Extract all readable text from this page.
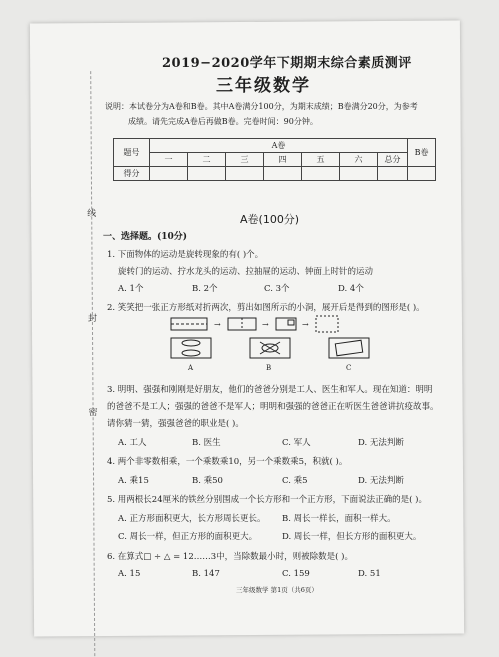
线
封
密
2019−2020学年下期期末综合素质测评
三年级数学
说明：本试卷分为A卷和B卷。其中A卷满分100分，为期末成绩；B卷满分20分，为参考
成绩。请先完成A卷后再做B卷。完卷时间：90分钟。
题号	A卷							B卷
	一	二	三	四	五	六	总分	
得分								
A卷(100分)
一、选择题。(10分)
1. 下面物体的运动是旋转现象的有( )个。
旋转门的运动、拧水龙头的运动、拉抽屉的运动、钟面上时针的运动
A. 1个	B. 2个	C. 3个	D. 4个
2. 笑笑把一张正方形纸对折两次，剪出如图所示的小洞，展开后是得到的图形是( )。
→	→	→
A	B	C
3. 明明、强强和刚刚是好朋友，他们的爸爸分别是工人、医生和军人。现在知道：明明
的爸爸不是工人；强强的爸爸不是军人；明明和强强的爸爸正在听医生爸爸讲抗疫故事。
请你猜一猜，强强爸爸的职业是( )。
A. 工人	B. 医生	C. 军人	D. 无法判断
4. 两个非零数相乘，一个乘数乘10，另一个乘数乘5，积就( )。
A. 乘15	B. 乘50	C. 乘5	D. 无法判断
5. 用两根长24厘米的铁丝分别围成一个长方形和一个正方形，下面说法正确的是( )。
A. 正方形面积更大，长方形周长更长。 B. 周长一样长，面积一样大。
C. 周长一样，但正方形的面积更大。	D. 周长一样，但长方形的面积更大。
6. 在算式□ ÷ △ = 12……3中，当除数最小时，则被除数是( )。
A. 15	B. 147	C. 159	D. 51
三年级数学 第1页（共6页）
